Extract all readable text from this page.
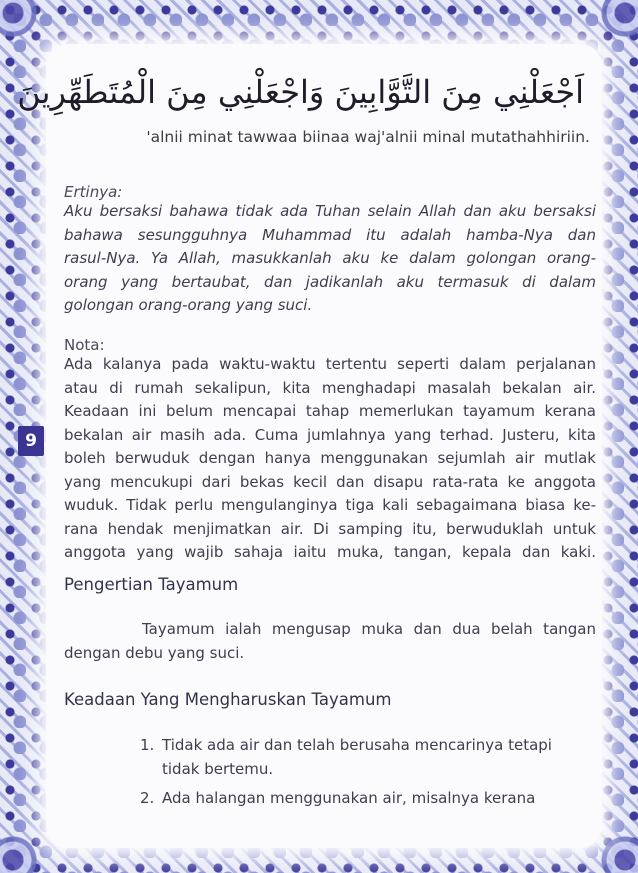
9
اَجْعَلْنِي مِنَ التَّوَّابِينَ وَاجْعَلْنِي مِنَ الْمُتَطَهِّرِينَ
'alnii minat tawwaa biinaa waj'alnii minal mutathahhiriin.
Ertinya:
Aku bersaksi bahawa tidak ada Tuhan selain Allah dan aku bersaksi
bahawa sesungguhnya Muhammad itu adalah hamba-Nya dan
rasul-Nya. Ya Allah, masukkanlah aku ke dalam golongan orang-
orang yang bertaubat, dan jadikanlah aku termasuk di dalam
golongan orang-orang yang suci.
Nota:
Ada kalanya pada waktu-waktu tertentu seperti dalam perjalanan
atau di rumah sekalipun, kita menghadapi masalah bekalan air.
Keadaan ini belum mencapai tahap memerlukan tayamum kerana
bekalan air masih ada. Cuma jumlahnya yang terhad. Justeru, kita
boleh berwuduk dengan hanya menggunakan sejumlah air mutlak
yang mencukupi dari bekas kecil dan disapu rata-rata ke anggota
wuduk. Tidak perlu mengulanginya tiga kali sebagaimana biasa ke-
rana hendak menjimatkan air. Di samping itu, berwuduklah untuk
anggota yang wajib sahaja iaitu muka, tangan, kepala dan kaki.
Pengertian Tayamum
Tayamum ialah mengusap muka dan dua belah tangan
dengan debu yang suci.
Keadaan Yang Mengharuskan Tayamum
1. Tidak ada air dan telah berusaha mencarinya tetapi
tidak bertemu.
2. Ada halangan menggunakan air, misalnya kerana
